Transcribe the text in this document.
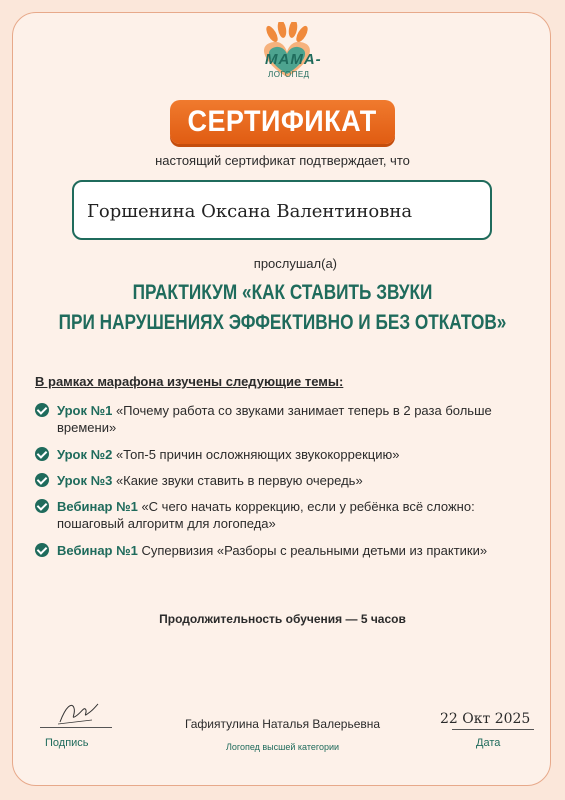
МАМА-
ЛОГОПЕД
СЕРТИФИКАТ
настоящий сертификат подтверждает, что
Горшенина Оксана Валентиновна
прослушал(а)
ПРАКТИКУМ «КАК СТАВИТЬ ЗВУКИ
ПРИ НАРУШЕНИЯХ ЭФФЕКТИВНО И БЕЗ ОТКАТОВ»
В рамках марафона изучены следующие темы:
Урок №1 «Почему работа со звуками занимает теперь в 2 раза больше времени»
Урок №2 «Топ-5 причин осложняющих звукокоррекцию»
Урок №3 «Какие звуки ставить в первую очередь»
Вебинар №1 «С чего начать коррекцию, если у ребёнка всё сложно: пошаговый алгоритм для логопеда»
Вебинар №1 Супервизия «Разборы с реальными детьми из практики»
Продолжительность обучения — 5 часов
Подпись
Гафиятулина Наталья Валерьевна
Логопед высшей категории
22 Окт 2025
Дата
